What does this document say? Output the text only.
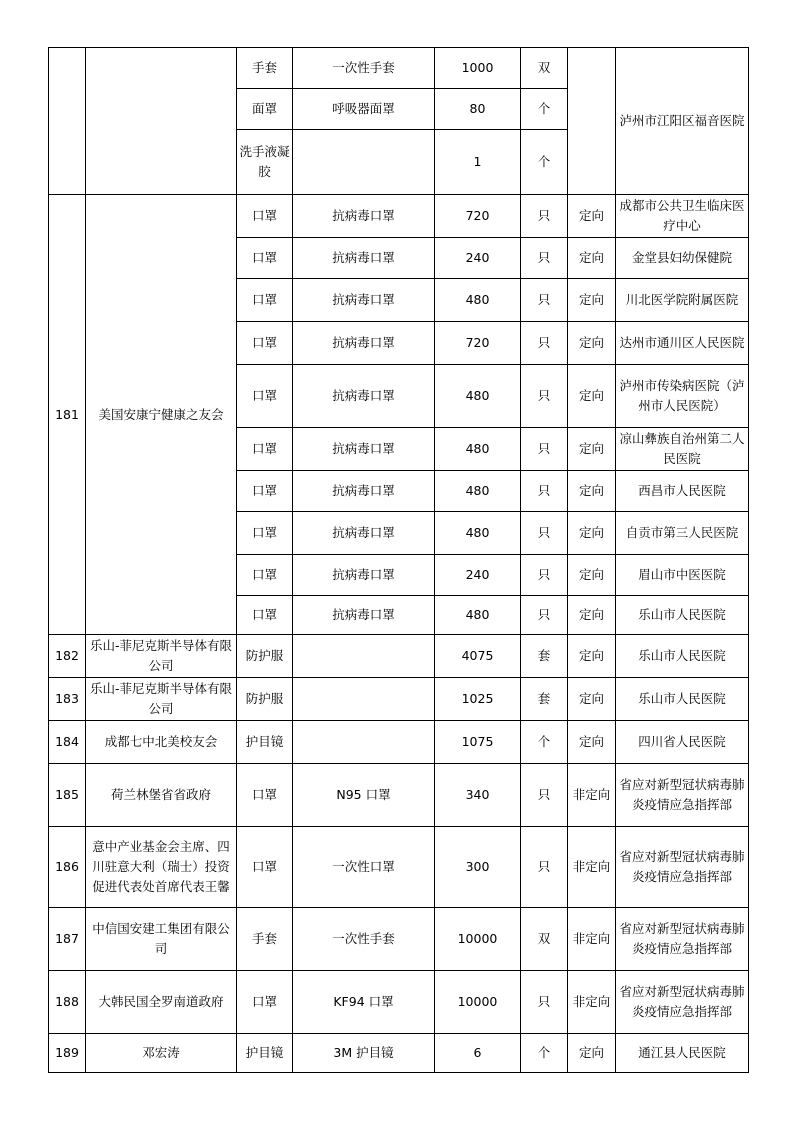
		手套	一次性手套	1000	双		泸州市江阳区福音医院
		面罩	呼吸器面罩	80	个		
		洗手液凝胶		1	个		
181	美国安康宁健康之友会	口罩	抗病毒口罩	720	只	定向	成都市公共卫生临床医疗中心
		口罩	抗病毒口罩	240	只	定向	金堂县妇幼保健院
		口罩	抗病毒口罩	480	只	定向	川北医学院附属医院
		口罩	抗病毒口罩	720	只	定向	达州市通川区人民医院
		口罩	抗病毒口罩	480	只	定向	泸州市传染病医院（泸州市人民医院）
		口罩	抗病毒口罩	480	只	定向	凉山彝族自治州第二人民医院
		口罩	抗病毒口罩	480	只	定向	西昌市人民医院
		口罩	抗病毒口罩	480	只	定向	自贡市第三人民医院
		口罩	抗病毒口罩	240	只	定向	眉山市中医医院
		口罩	抗病毒口罩	480	只	定向	乐山市人民医院
182	乐山-菲尼克斯半导体有限公司	防护服		4075	套	定向	乐山市人民医院
183	乐山-菲尼克斯半导体有限公司	防护服		1025	套	定向	乐山市人民医院
184	成都七中北美校友会	护目镜		1075	个	定向	四川省人民医院
185	荷兰林堡省省政府	口罩	N95 口罩	340	只	非定向	省应对新型冠状病毒肺炎疫情应急指挥部
186	意中产业基金会主席、四川驻意大利（瑞士）投资促进代表处首席代表王馨	口罩	一次性口罩	300	只	非定向	省应对新型冠状病毒肺炎疫情应急指挥部
187	中信国安建工集团有限公司	手套	一次性手套	10000	双	非定向	省应对新型冠状病毒肺炎疫情应急指挥部
188	大韩民国全罗南道政府	口罩	KF94 口罩	10000	只	非定向	省应对新型冠状病毒肺炎疫情应急指挥部
189	邓宏涛	护目镜	3M 护目镜	6	个	定向	通江县人民医院
